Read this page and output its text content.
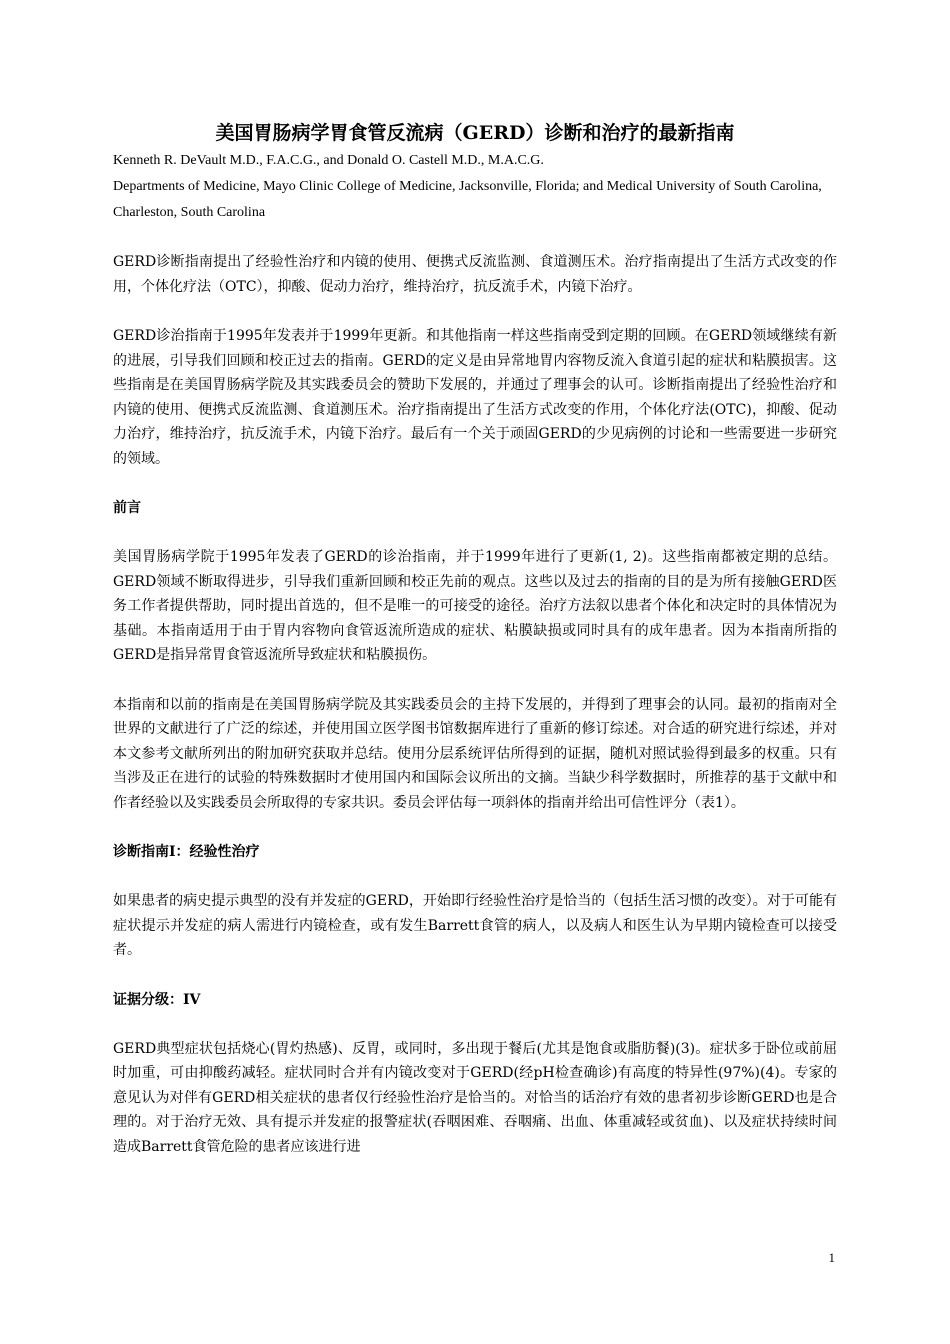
美国胃肠病学胃食管反流病（GERD）诊断和治疗的最新指南

Kenneth R. DeVault M.D., F.A.C.G., and Donald O. Castell M.D., M.A.C.G.

Departments of Medicine, Mayo Clinic College of Medicine, Jacksonville, Florida; and Medical University of South Carolina, Charleston, South Carolina

GERD诊断指南提出了经验性治疗和内镜的使用、便携式反流监测、食道测压术。治疗指南提出了生活方式改变的作用，个体化疗法（OTC），抑酸、促动力治疗，维持治疗，抗反流手术，内镜下治疗。

GERD诊治指南于1995年发表并于1999年更新。和其他指南一样这些指南受到定期的回顾。在GERD领域继续有新的进展，引导我们回顾和校正过去的指南。GERD的定义是由异常地胃内容物反流入食道引起的症状和粘膜损害。这些指南是在美国胃肠病学院及其实践委员会的赞助下发展的，并通过了理事会的认可。诊断指南提出了经验性治疗和内镜的使用、便携式反流监测、食道测压术。治疗指南提出了生活方式改变的作用，个体化疗法(OTC)，抑酸、促动力治疗，维持治疗，抗反流手术，内镜下治疗。最后有一个关于顽固GERD的少见病例的讨论和一些需要进一步研究的领域。

前言

美国胃肠病学院于1995年发表了GERD的诊治指南，并于1999年进行了更新(1, 2)。这些指南都被定期的总结。GERD领域不断取得进步，引导我们重新回顾和校正先前的观点。这些以及过去的指南的目的是为所有接触GERD医务工作者提供帮助，同时提出首选的，但不是唯一的可接受的途径。治疗方法叙以患者个体化和决定时的具体情况为基础。本指南适用于由于胃内容物向食管返流所造成的症状、粘膜缺损或同时具有的成年患者。因为本指南所指的GERD是指异常胃食管返流所导致症状和粘膜损伤。

本指南和以前的指南是在美国胃肠病学院及其实践委员会的主持下发展的，并得到了理事会的认同。最初的指南对全世界的文献进行了广泛的综述，并使用国立医学图书馆数据库进行了重新的修订综述。对合适的研究进行综述，并对本文参考文献所列出的附加研究获取并总结。使用分层系统评估所得到的证据，随机对照试验得到最多的权重。只有当涉及正在进行的试验的特殊数据时才使用国内和国际会议所出的文摘。当缺少科学数据时，所推荐的基于文献中和作者经验以及实践委员会所取得的专家共识。委员会评估每一项斜体的指南并给出可信性评分（表1）。

诊断指南I：经验性治疗

如果患者的病史提示典型的没有并发症的GERD，开始即行经验性治疗是恰当的（包括生活习惯的改变）。对于可能有症状提示并发症的病人需进行内镜检查，或有发生Barrett食管的病人，以及病人和医生认为早期内镜检查可以接受者。

证据分级：IV

GERD典型症状包括烧心(胃灼热感)、反胃，或同时，多出现于餐后(尤其是饱食或脂肪餐)(3)。症状多于卧位或前屈时加重，可由抑酸药减轻。症状同时合并有内镜改变对于GERD(经pH检查确诊)有高度的特异性(97%)(4)。专家的意见认为对伴有GERD相关症状的患者仅行经验性治疗是恰当的。对恰当的话治疗有效的患者初步诊断GERD也是合理的。对于治疗无效、具有提示并发症的报警症状(吞咽困难、吞咽痛、出血、体重减轻或贫血)、以及症状持续时间造成Barrett食管危险的患者应该进行进

1
